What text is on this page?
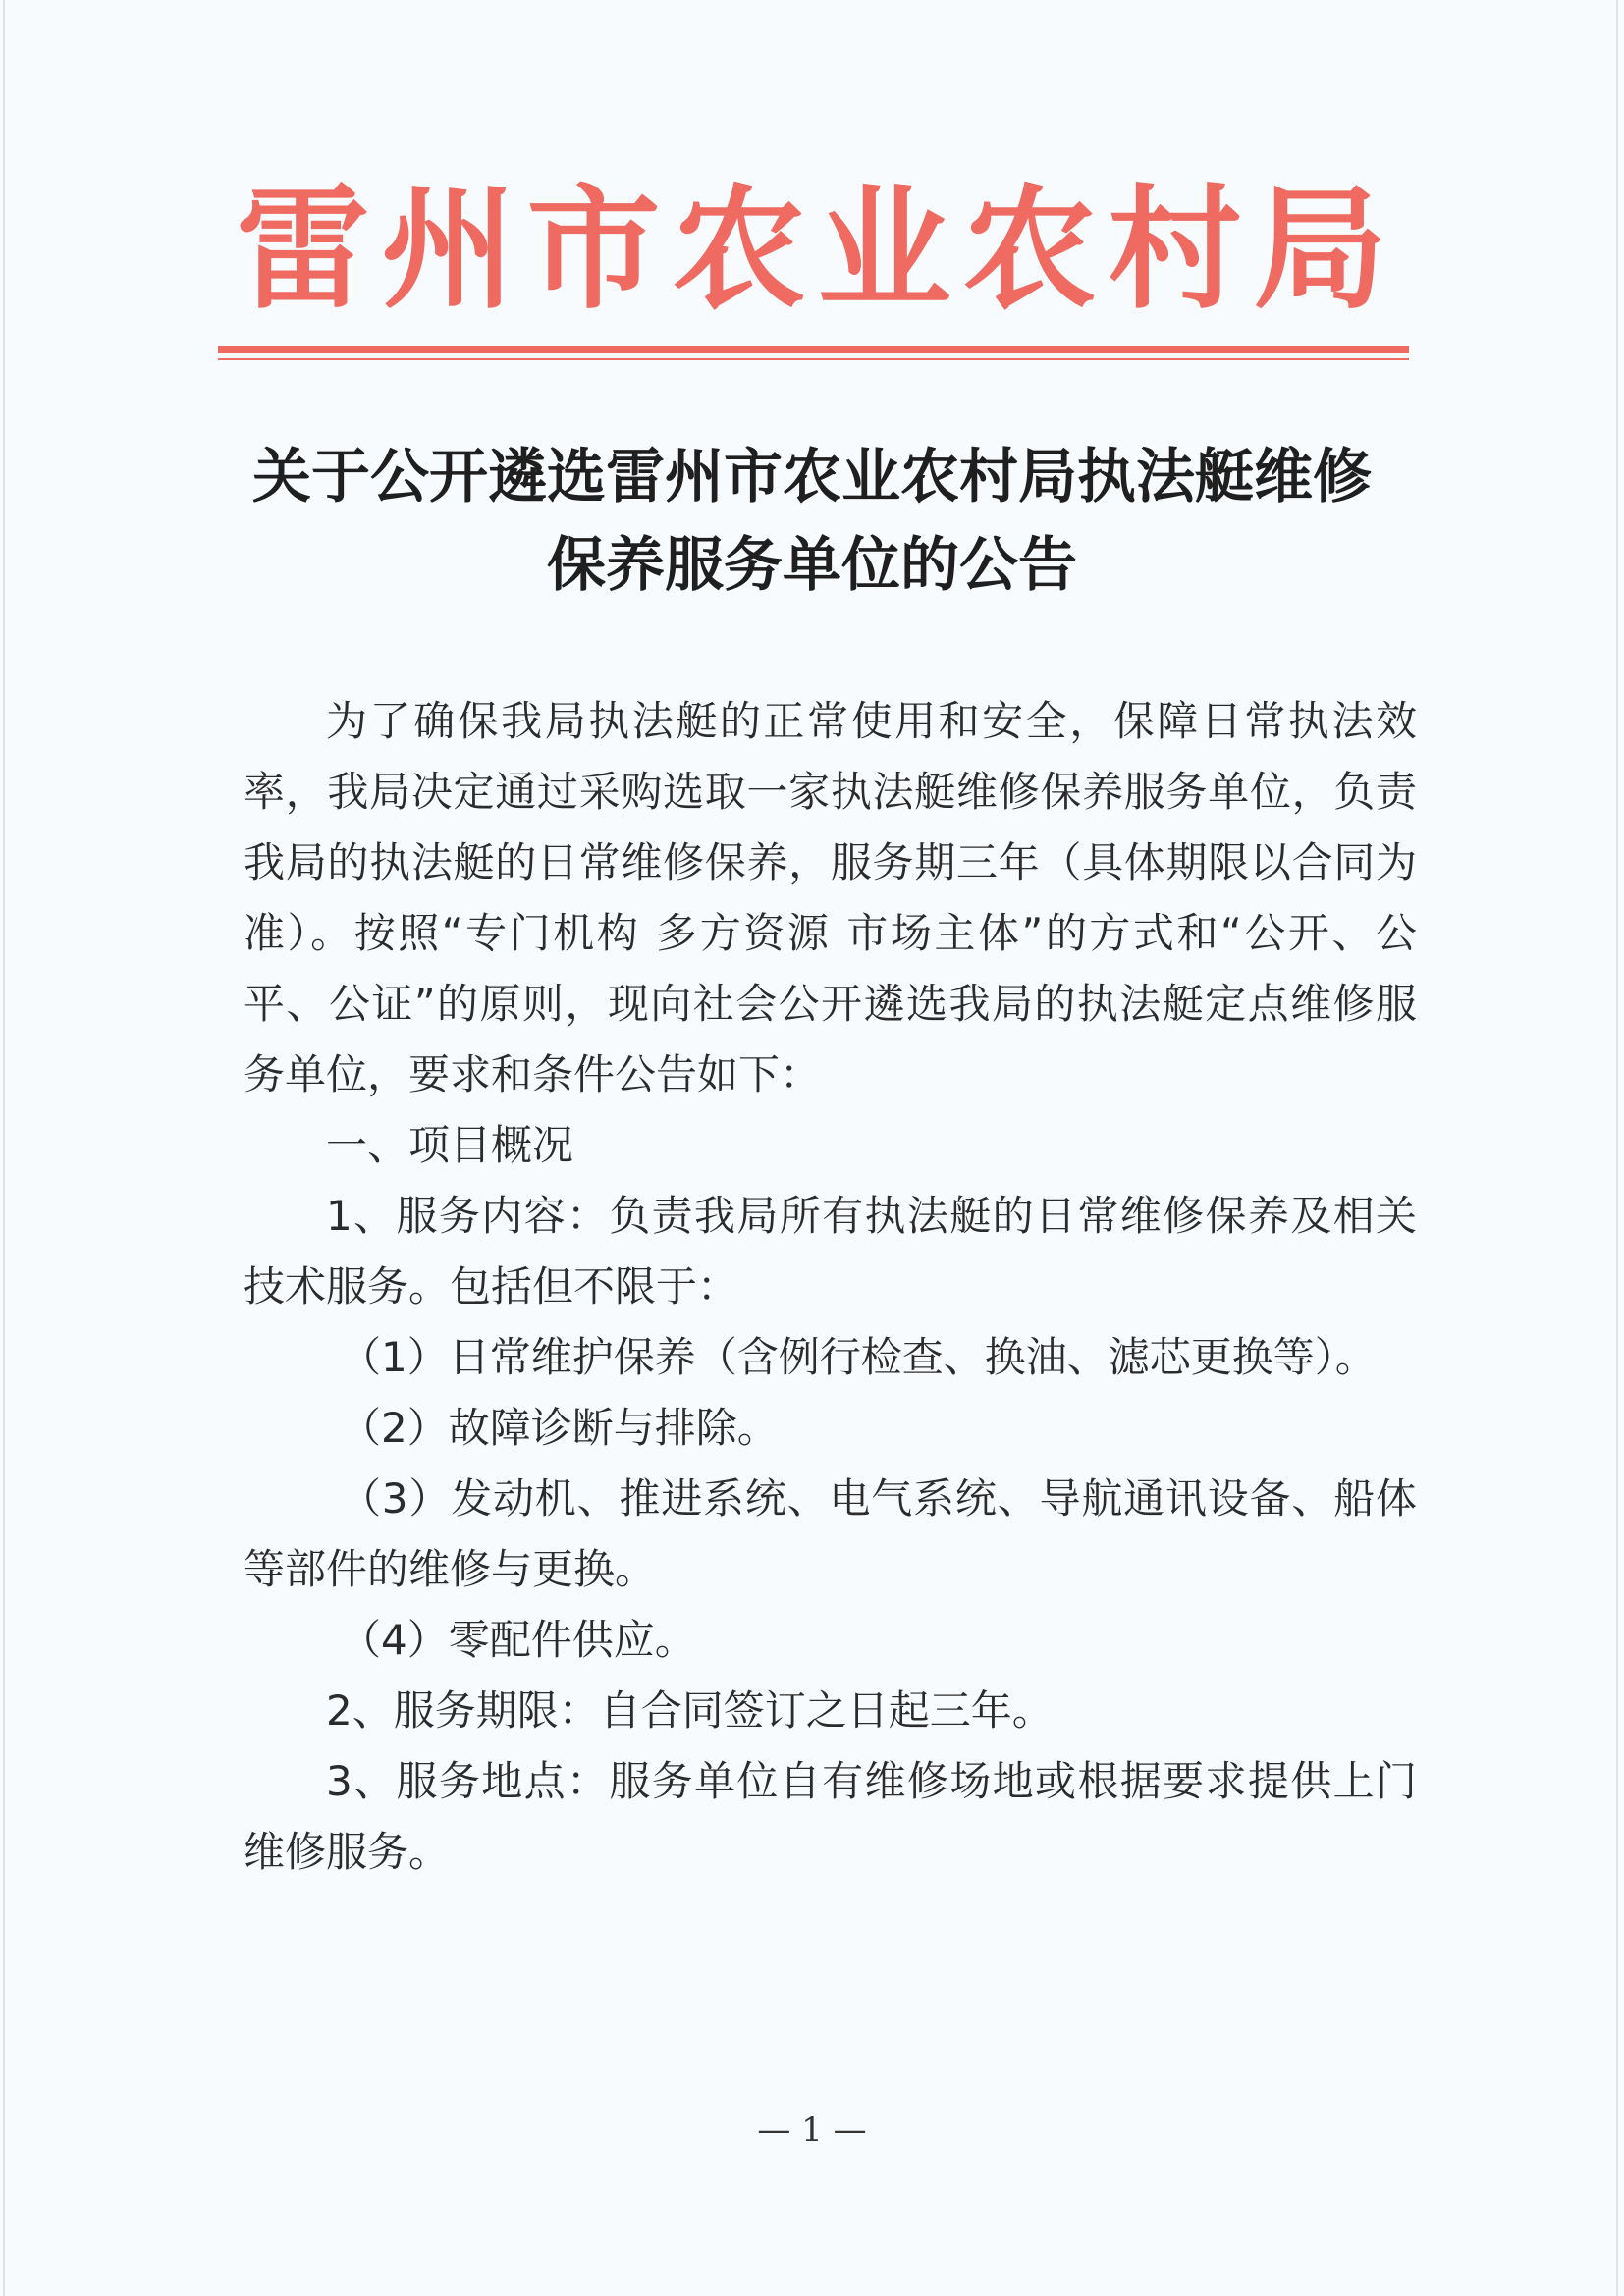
雷州市农业农村局
关于公开遴选雷州市农业农村局执法艇维修
保养服务单位的公告

为了确保我局执法艇的正常使用和安全，保障日常执法效率，我局决定通过采购选取一家执法艇维修保养服务单位，负责我局的执法艇的日常维修保养，服务期三年（具体期限以合同为准）。按照“专门机构 多方资源 市场主体”的方式和“公开、公平、公证”的原则，现向社会公开遴选我局的执法艇定点维修服务单位，要求和条件公告如下：

一、项目概况

1、服务内容：负责我局所有执法艇的日常维修保养及相关技术服务。包括但不限于：

（1）日常维护保养（含例行检查、换油、滤芯更换等）。

（2）故障诊断与排除。

（3）发动机、推进系统、电气系统、导航通讯设备、船体等部件的维修与更换。

（4）零配件供应。

2、服务期限：自合同签订之日起三年。

3、服务地点：服务单位自有维修场地或根据要求提供上门维修服务。

— 1 —
